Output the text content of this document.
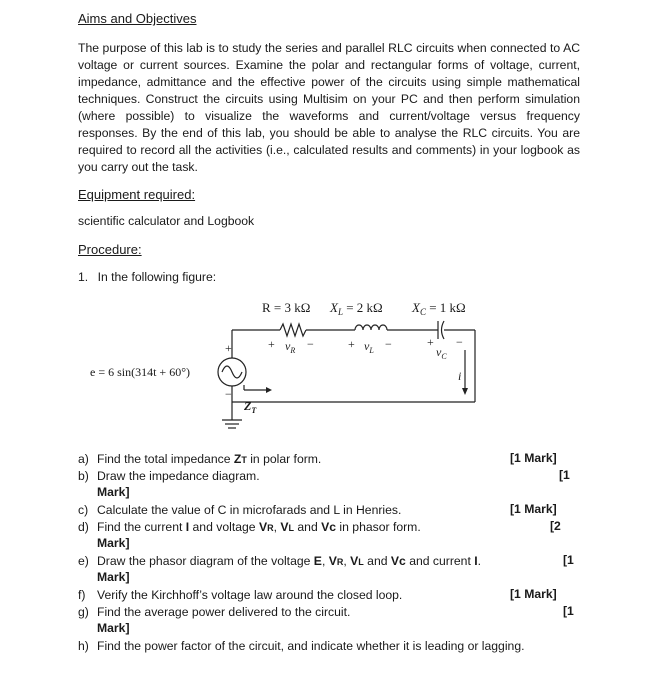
Aims and Objectives
The purpose of this lab is to study the series and parallel RLC circuits when connected to AC voltage or current sources. Examine the polar and rectangular forms of voltage, current, impedance, admittance and the effective power of the circuits using simple mathematical techniques. Construct the circuits using Multisim on your PC and then perform simulation (where possible) to visualize the waveforms and current/voltage versus frequency responses. By the end of this lab, you should be able to analyse the RLC circuits. You are required to record all the activities (i.e., calculated results and comments) in your logbook as you carry out the task.
Equipment required:
scientific calculator and Logbook
Procedure:
1. In the following figure:
R = 3 kΩ $X_L = 2$ kΩ $X_C = 1$ kΩ
+ $v_R$ −	+ $v_L$ −	+
$v_C$
−
+
−
i
e = 6 sin(314t + 60°)
$Z_T$
a) Find the total impedance ZT in polar form.	[1 Mark]
b) Draw the impedance diagram.	[1
Mark]
c) Calculate the value of C in microfarads and L in Henries.	[1 Mark]
d) Find the current I and voltage VR, VL and Vc in phasor form.	[2
Mark]
e) Draw the phasor diagram of the voltage E, VR, VL and Vc and current I.	[1
Mark]
f) Verify the Kirchhoff’s voltage law around the closed loop.	[1 Mark]
g) Find the average power delivered to the circuit.	[1
Mark]
h) Find the power factor of the circuit, and indicate whether it is leading or lagging.
